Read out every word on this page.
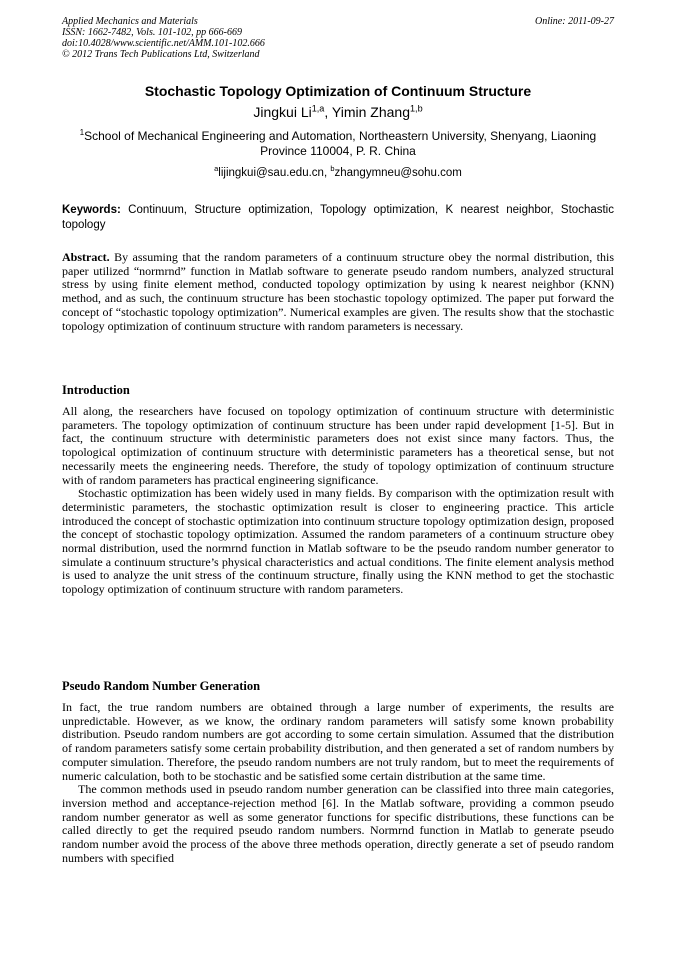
Applied Mechanics and Materials
ISSN: 1662-7482, Vols. 101-102, pp 666-669
doi:10.4028/www.scientific.net/AMM.101-102.666
© 2012 Trans Tech Publications Ltd, Switzerland
Online: 2011-09-27
Stochastic Topology Optimization of Continuum Structure
Jingkui Li$^{1,a}$, Yimin Zhang$^{1,b}$
$^1$School of Mechanical Engineering and Automation, Northeastern University, Shenyang, Liaoning Province 110004, P. R. China
$^a$lijingkui@sau.edu.cn, $^b$zhangymneu@sohu.com
Keywords: Continuum, Structure optimization, Topology optimization, K nearest neighbor, Stochastic topology

Abstract. By assuming that the random parameters of a continuum structure obey the normal distribution, this paper utilized “normrnd” function in Matlab software to generate pseudo random numbers, analyzed structural stress by using finite element method, conducted topology optimization by using k nearest neighbor (KNN) method, and as such, the continuum structure has been stochastic topology optimized. The paper put forward the concept of “stochastic topology optimization”. Numerical examples are given. The results show that the stochastic topology optimization of continuum structure with random parameters is necessary.

Introduction

All along, the researchers have focused on topology optimization of continuum structure with deterministic parameters. The topology optimization of continuum structure has been under rapid development [1-5]. But in fact, the continuum structure with deterministic parameters does not exist since many factors. Thus, the topological optimization of continuum structure with deterministic parameters has a theoretical sense, but not necessarily meets the engineering needs. Therefore, the study of topology optimization of continuum structure with of random parameters has practical engineering significance.

Stochastic optimization has been widely used in many fields. By comparison with the optimization result with deterministic parameters, the stochastic optimization result is closer to engineering practice. This article introduced the concept of stochastic optimization into continuum structure topology optimization design, proposed the concept of stochastic topology optimization. Assumed the random parameters of a continuum structure obey normal distribution, used the normrnd function in Matlab software to be the pseudo random number generator to simulate a continuum structure’s physical characteristics and actual conditions. The finite element analysis method is used to analyze the unit stress of the continuum structure, finally using the KNN method to get the stochastic topology optimization of continuum structure with random parameters.

Pseudo Random Number Generation

In fact, the true random numbers are obtained through a large number of experiments, the results are unpredictable. However, as we know, the ordinary random parameters will satisfy some known probability distribution. Pseudo random numbers are got according to some certain simulation. Assumed that the distribution of random parameters satisfy some certain probability distribution, and then generated a set of random numbers by computer simulation. Therefore, the pseudo random numbers are not truly random, but to meet the requirements of numeric calculation, both to be stochastic and be satisfied some certain distribution at the same time.

The common methods used in pseudo random number generation can be classified into three main categories, inversion method and acceptance-rejection method [6]. In the Matlab software, providing a common pseudo random number generator as well as some generator functions for specific distributions, these functions can be called directly to get the required pseudo random numbers. Normrnd function in Matlab to generate pseudo random number avoid the process of the above three methods operation, directly generate a set of pseudo random numbers with specified
